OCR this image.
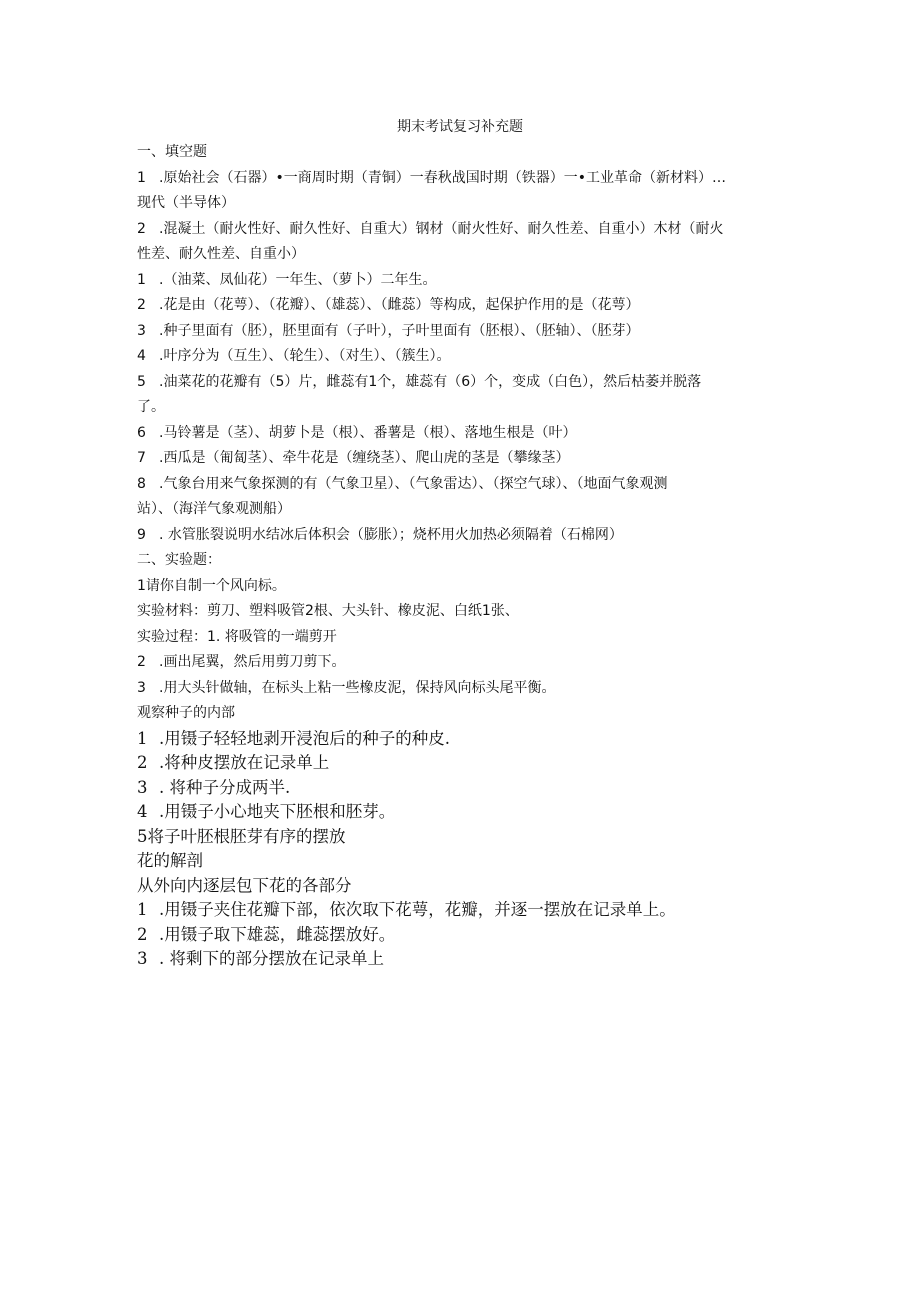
期末考试复习补充题
一、填空题
1 .原始社会（石器）•一商周时期（青铜）一春秋战国时期（铁器）一•工业革命（新材料）…
现代（半导体）
2 .混凝土（耐火性好、耐久性好、自重大）钢材（耐火性好、耐久性差、自重小）木材（耐火
性差、耐久性差、自重小）
1 .（油菜、凤仙花）一年生、（萝卜）二年生。
2 .花是由（花萼）、（花瓣）、（雄蕊）、（雌蕊）等构成，起保护作用的是（花萼）
3 .种子里面有（胚），胚里面有（子叶），子叶里面有（胚根）、（胚轴）、（胚芽）
4 .叶序分为（互生）、（轮生）、（对生）、（簇生）。
5 .油菜花的花瓣有（5）片，雌蕊有1个，雄蕊有（6）个，变成（白色），然后枯萎并脱落
了。
6 .马铃薯是（茎）、胡萝卜是（根）、番薯是（根）、落地生根是（叶）
7 .西瓜是（匍匐茎）、牵牛花是（缠绕茎）、爬山虎的茎是（攀缘茎）
8 .气象台用来气象探测的有（气象卫星）、（气象雷达）、（探空气球）、（地面气象观测
站）、（海洋气象观测船）
9 . 水管胀裂说明水结冰后体积会（膨胀）；烧杯用火加热必须隔着（石棉网）
二、实验题：
1请你自制一个风向标。
实验材料：剪刀、塑料吸管2根、大头针、橡皮泥、白纸1张、
实验过程：1. 将吸管的一端剪开
2 .画出尾翼，然后用剪刀剪下。
3 .用大头针做轴，在标头上粘一些橡皮泥，保持风向标头尾平衡。
观察种子的内部
1 .用镊子轻轻地剥开浸泡后的种子的种皮.
2 .将种皮摆放在记录单上
3 . 将种子分成两半.
4 .用镊子小心地夹下胚根和胚芽。
5将子叶胚根胚芽有序的摆放
花的解剖
从外向内逐层包下花的各部分
1 .用镊子夹住花瓣下部，依次取下花萼，花瓣，并逐一摆放在记录单上。
2 .用镊子取下雄蕊，雌蕊摆放好。
3 . 将剩下的部分摆放在记录单上
